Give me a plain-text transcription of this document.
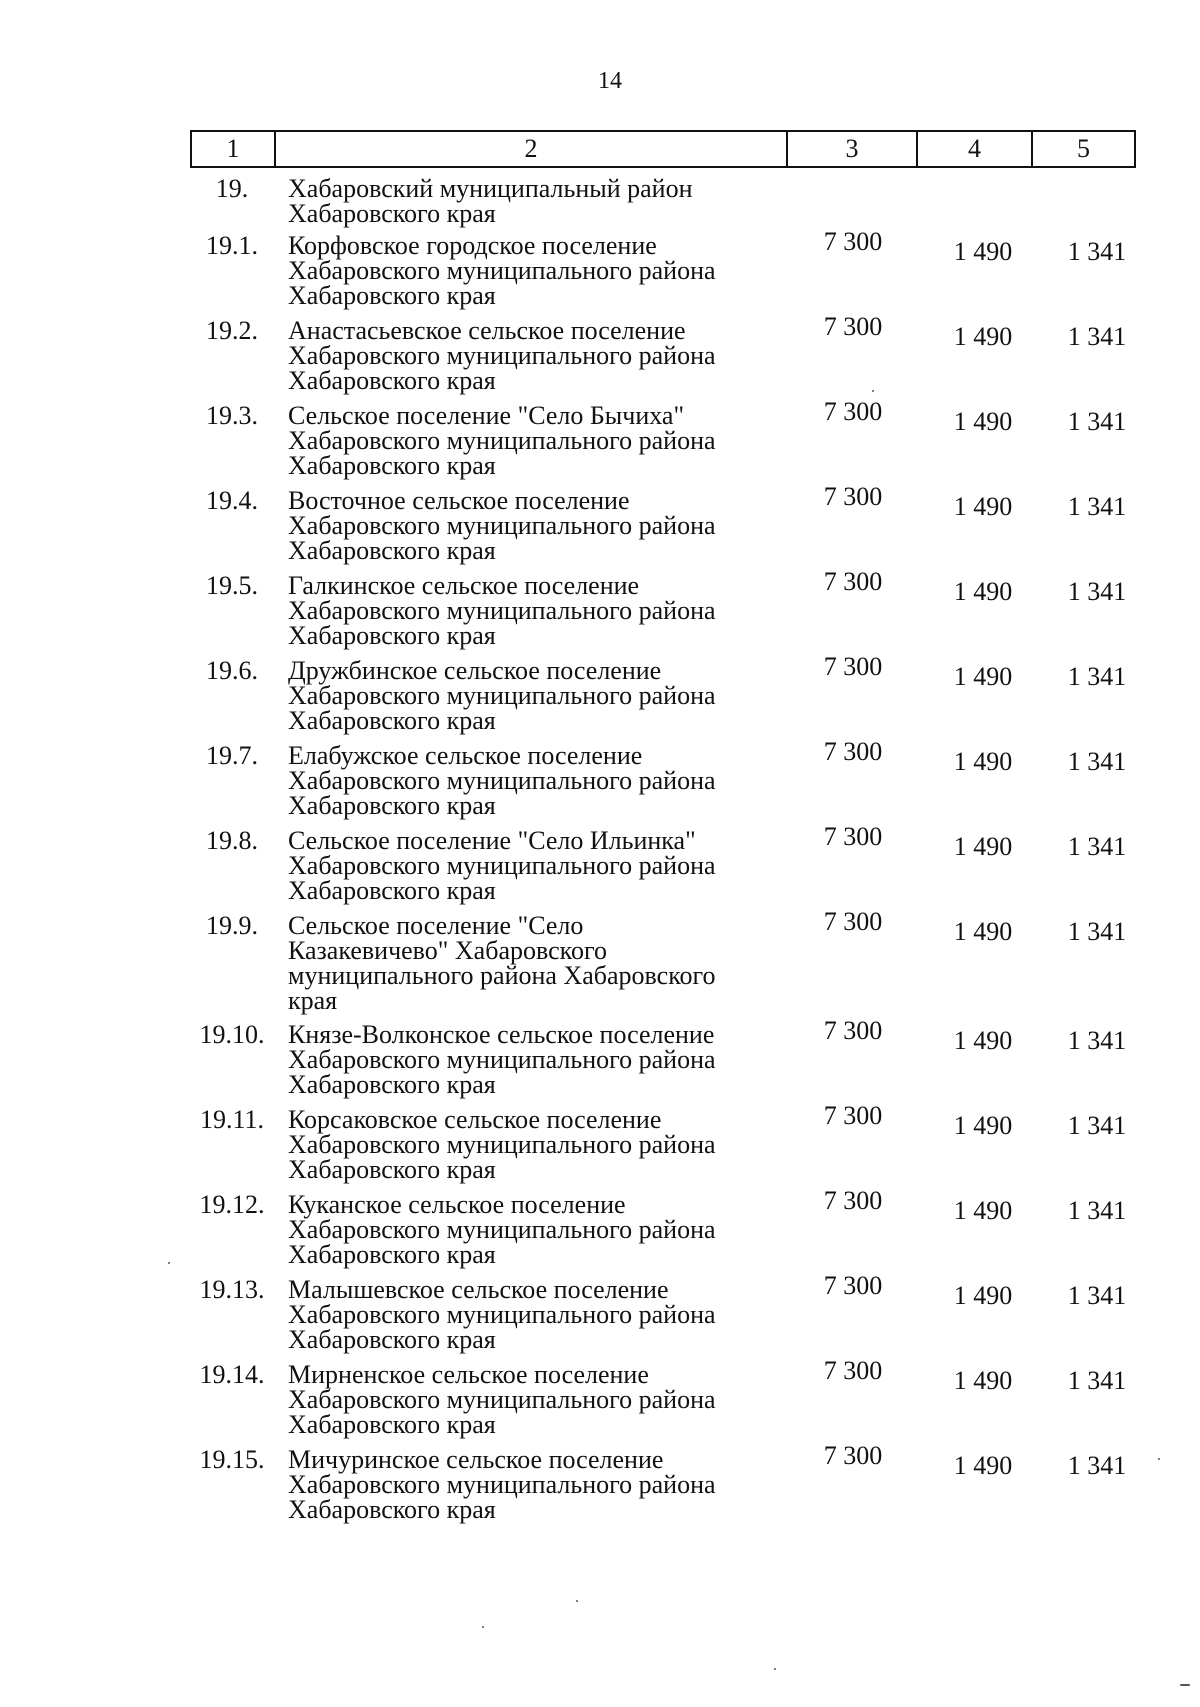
14
1	2	3	4	5
19.	Хабаровский муниципальный район
Хабаровского края
19.1.	Корфовское городское поселение
Хабаровского муниципального района
Хабаровского края
7 300	1 490	1 341
19.2.	Анастасьевское сельское поселение
Хабаровского муниципального района
Хабаровского края
7 300	1 490	1 341
19.3.	Сельское поселение "Село Бычиха"
Хабаровского муниципального района
Хабаровского края
7 300	1 490	1 341
19.4.	Восточное сельское поселение
Хабаровского муниципального района
Хабаровского края
7 300	1 490	1 341
19.5.	Галкинское сельское поселение
Хабаровского муниципального района
Хабаровского края
7 300	1 490	1 341
19.6.	Дружбинское сельское поселение
Хабаровского муниципального района
Хабаровского края
7 300	1 490	1 341
19.7.	Елабужское сельское поселение
Хабаровского муниципального района
Хабаровского края
7 300	1 490	1 341
19.8.	Сельское поселение "Село Ильинка"
Хабаровского муниципального района
Хабаровского края
7 300	1 490	1 341
19.9.	Сельское поселение "Село
Казакевичево" Хабаровского
муниципального района Хабаровского
края
7 300	1 490	1 341
19.10. Князе-Волконское сельское поселение
Хабаровского муниципального района
Хабаровского края
7 300	1 490	1 341
19.11. Корсаковское сельское поселение
Хабаровского муниципального района
Хабаровского края
7 300	1 490	1 341
19.12. Куканское сельское поселение
Хабаровского муниципального района
Хабаровского края
7 300	1 490	1 341
19.13. Малышевское сельское поселение
Хабаровского муниципального района
Хабаровского края
7 300	1 490	1 341
19.14. Мирненское сельское поселение
Хабаровского муниципального района
Хабаровского края
7 300	1 490	1 341
19.15. Мичуринское сельское поселение
Хабаровского муниципального района
Хабаровского края
7 300	1 490	1 341
